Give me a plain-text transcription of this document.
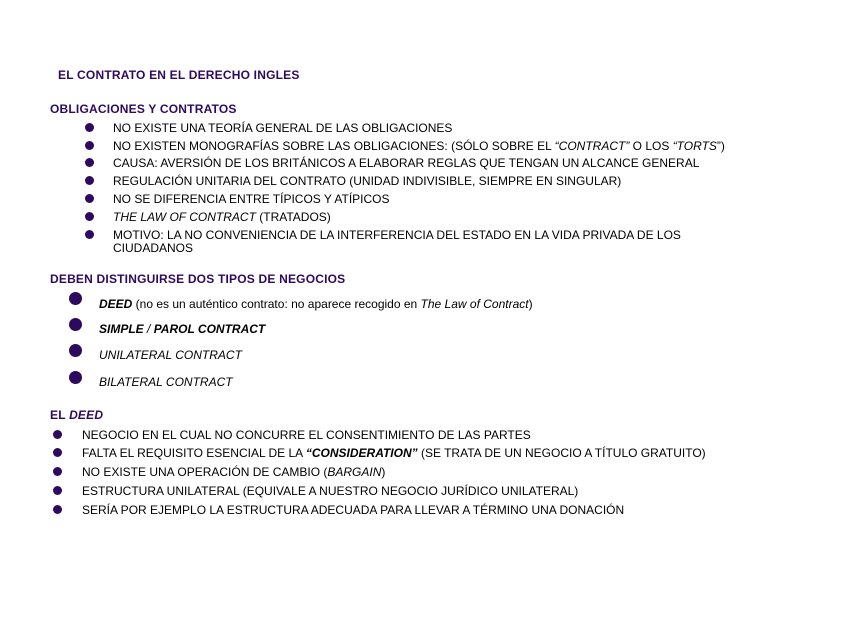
EL CONTRATO EN EL DERECHO INGLES
OBLIGACIONES Y CONTRATOS
NO EXISTE UNA TEORÍA GENERAL DE LAS OBLIGACIONES
NO EXISTEN MONOGRAFÍAS SOBRE LAS OBLIGACIONES: (SÓLO SOBRE EL “CONTRACT” O LOS “TORTS”)
CAUSA: AVERSIÓN DE LOS BRITÁNICOS A ELABORAR REGLAS QUE TENGAN UN ALCANCE GENERAL
REGULACIÓN UNITARIA DEL CONTRATO (UNIDAD INDIVISIBLE, SIEMPRE EN SINGULAR)
NO SE DIFERENCIA ENTRE TÍPICOS Y ATÍPICOS
THE LAW OF CONTRACT (TRATADOS)
MOTIVO: LA NO CONVENIENCIA DE LA INTERFERENCIA DEL ESTADO EN LA VIDA PRIVADA DE LOS CIUDADANOS
DEBEN DISTINGUIRSE DOS TIPOS DE NEGOCIOS
DEED (no es un auténtico contrato: no aparece recogido en The Law of Contract)
SIMPLE / PAROL CONTRACT
UNILATERAL CONTRACT
BILATERAL CONTRACT
EL DEED
NEGOCIO EN EL CUAL NO CONCURRE EL CONSENTIMIENTO DE LAS PARTES
FALTA EL REQUISITO ESENCIAL DE LA “CONSIDERATION” (SE TRATA DE UN NEGOCIO A TÍTULO GRATUITO)
NO EXISTE UNA OPERACIÓN DE CAMBIO (BARGAIN)
ESTRUCTURA UNILATERAL (EQUIVALE A NUESTRO NEGOCIO JURÍDICO UNILATERAL)
SERÍA POR EJEMPLO LA ESTRUCTURA ADECUADA PARA LLEVAR A TÉRMINO UNA DONACIÓN
